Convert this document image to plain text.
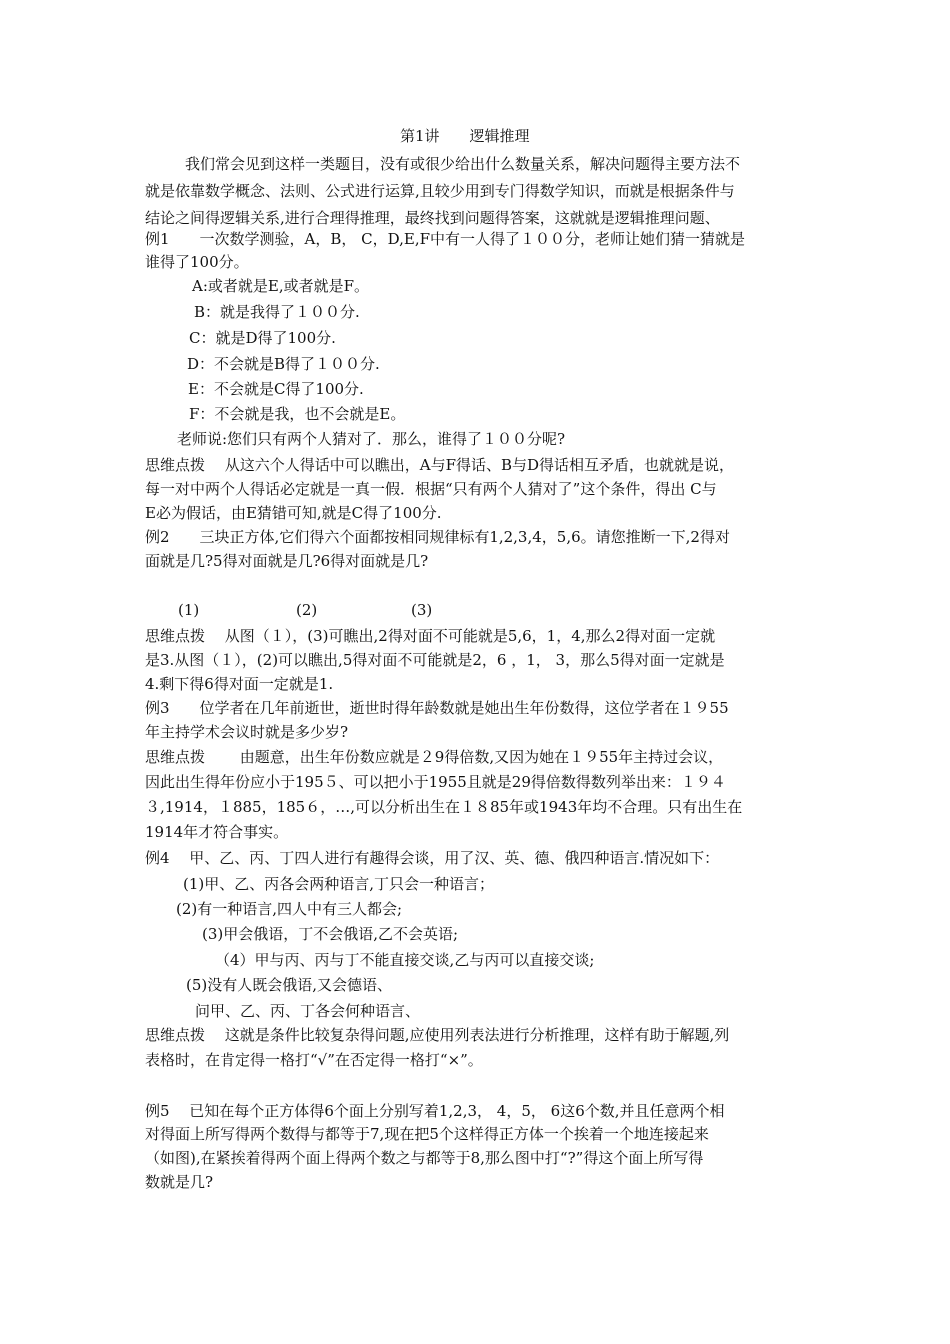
第1讲　　逻辑推理
我们常会见到这样一类题目，没有或很少给出什么数量关系，解决问题得主要方法不
就是依靠数学概念、法则、公式进行运算,且较少用到专门得数学知识，而就是根据条件与
结论之间得逻辑关系,进行合理得推理，最终找到问题得答案，这就就是逻辑推理问题、
例1　　一次数学测验，A，B， C，D,E,F中有一人得了１００分，老师让她们猜一猜就是
谁得了100分。
A:或者就是E,或者就是F。
B：就是我得了１００分.
C：就是D得了100分.
D：不会就是B得了１００分.
E：不会就是C得了100分.
F：不会就是我，也不会就是E。
老师说:您们只有两个人猜对了．那么，谁得了１００分呢?
思维点拨　 从这六个人得话中可以瞧出，A与F得话、B与D得话相互矛盾，也就就是说，
每一对中两个人得话必定就是一真一假．根据“只有两个人猜对了”这个条件，得出 C与
E必为假话，由E猜错可知,就是C得了100分.
例2　　三块正方体,它们得六个面都按相同规律标有1,2,3,4，5,6。请您推断一下,2得对
面就是几?5得对面就是几?6得对面就是几?
(1)	(2)	(3)
思维点拨　 从图（１），(3)可瞧出,2得对面不可能就是5,6，1，4,那么2得对面一定就
是3.从图（１），(2)可以瞧出,5得对面不可能就是2，6 ，1， 3，那么5得对面一定就是
4.剩下得6得对面一定就是1.
例3　　位学者在几年前逝世，逝世时得年龄数就是她出生年份数得，这位学者在１９55
年主持学术会议时就是多少岁?
思维点拨　　 由题意，出生年份数应就是２9得倍数,又因为她在１９55年主持过会议，
因此出生得年份应小于195５、可以把小于1955且就是29得倍数得数列举出来：１９４
３,1914，１885，185６，…,可以分析出生在１８85年或1943年均不合理。只有出生在
1914年才符合事实。
例4　 甲、乙、丙、丁四人进行有趣得会谈，用了汉、英、德、俄四种语言.情况如下：
(1)甲、乙、丙各会两种语言,丁只会一种语言；
(2)有一种语言,四人中有三人都会;
(3)甲会俄语，丁不会俄语,乙不会英语;
（4）甲与丙、丙与丁不能直接交谈,乙与丙可以直接交谈;
(5)没有人既会俄语,又会德语、
问甲、乙、丙、丁各会何种语言、
思维点拨　 这就是条件比较复杂得问题,应使用列表法进行分析推理，这样有助于解题,列
表格时，在肯定得一格打“√”在否定得一格打“×”。
例5　 已知在每个正方体得6个面上分别写着1,2,3， 4，5， 6这6个数,并且任意两个相
对得面上所写得两个数得与都等于7,现在把5个这样得正方体一个挨着一个地连接起来
（如图),在紧挨着得两个面上得两个数之与都等于8,那么图中打“?”得这个面上所写得
数就是几?
